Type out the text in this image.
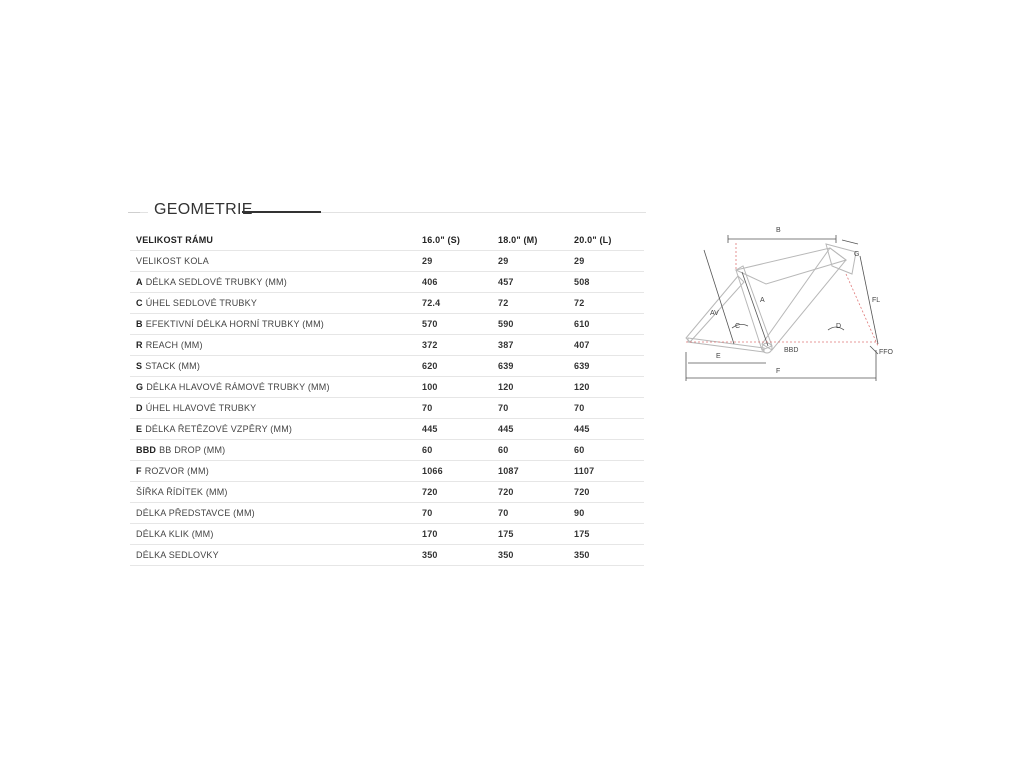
GEOMETRIE
VELIKOST RÁMU	16.0" (S)	18.0" (M)	20.0" (L)
VELIKOST KOLA	29	29	29
A DÉLKA SEDLOVÉ TRUBKY (MM)	406	457	508
C ÚHEL SEDLOVÉ TRUBKY	72.4	72	72
B EFEKTIVNÍ DÉLKA HORNÍ TRUBKY (MM)	570	590	610
R REACH (MM)	372	387	407
S STACK (MM)	620	639	639
G DÉLKA HLAVOVÉ RÁMOVÉ TRUBKY (MM)	100	120	120
D ÚHEL HLAVOVÉ TRUBKY	70	70	70
E DÉLKA ŘETĚZOVÉ VZPĚRY (MM)	445	445	445
BBD BB DROP (MM)	60	60	60
F ROZVOR (MM)	1066	1087	1107
ŠÍŘKA ŘÍDÍTEK (MM)	720	720	720
DÉLKA PŘEDSTAVCE (MM)	70	70	90
DÉLKA KLIK (MM)	170	175	175
DÉLKA SEDLOVKY	350	350	350
B
G
A
AV
C
FL
D
BBD
E
FFO
F
